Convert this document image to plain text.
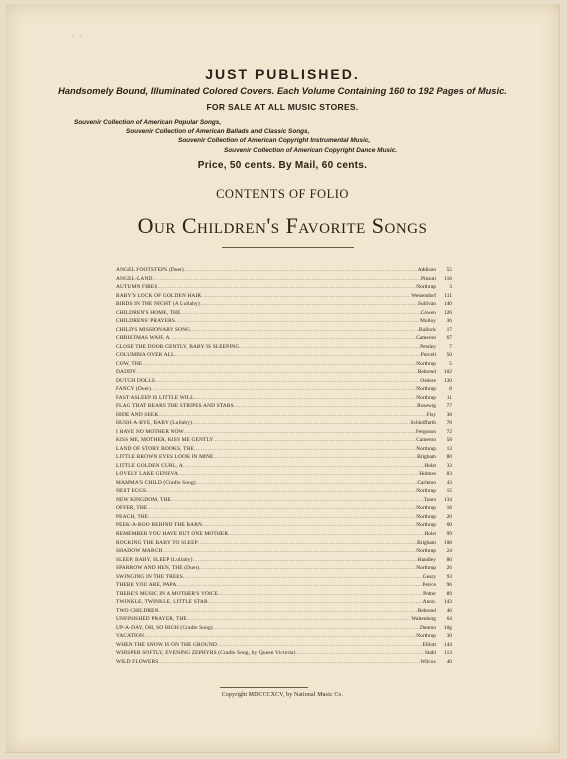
· ·
JUST PUBLISHED.
Handsomely Bound, Illuminated Colored Covers. Each Volume Containing 160 to 192 Pages of Music.
FOR SALE AT ALL MUSIC STORES.
Souvenir Collection of American Popular Songs,
Souvenir Collection of American Ballads and Classic Songs,
Souvenir Collection of American Copyright Instrumental Music,
Souvenir Collection of American Copyright Dance Music.
Price, 50 cents. By Mail, 60 cents.
CONTENTS OF FOLIO
Our Children's Favorite Songs
ANGEL FOOTSTEPS (Duet) .....	Addison	55
ANGEL-LAND .....	Pinsuti	118
AUTUMN FIRES .....	Northrup	3
BABY'S LOCK OF GOLDEN HAIR .....	Westendorf	111
BIRDS IN THE NIGHT (A Lullaby) .....	Sullivan	140
CHILDREN'S HOME, THE .....	Cowen	126
CHILDRENS' PRAYERS .....	Molloy	36
CHILD'S MISSIONARY SONG .....	Bullock	17
CHRISTMAS WAIF, A .....	Cameron	67
CLOSE THE DOOR GENTLY, BABY IS SLEEPING .....	Persley	7
COLUMBIA OVER ALL .....	Purcell	50
COW, THE .....	Northrup	5
DADDY .....	Behrend	102
DUTCH DOLLS .....	Ostlere	130
FANCY (Duet) .....	Northrup	8
FAST ASLEEP IS LITTLE WILL .....	Northrup	11
FLAG THAT BEARS THE STRIPES AND STARS .....	Rosewig	77
HIDE AND SEEK .....	Fisy	38
HUSH-A-BYE, BABY (Lullaby) .....	Schleiffarth	70
I HAVE NO MOTHER NOW .....	Ferguson	72
KISS ME, MOTHER, KISS ME GENTLY .....	Cameron	58
LAND OF STORY BOOKS, THE .....	Northrup	13
LITTLE BROWN EYES LOOK IN MINE .....	Brigham	80
LITTLE GOLDEN CURL, A .....	Holst	33
LOVELY LAKE GENEVA .....	Holmes	83
MAMMA'S CHILD (Cradle Song) .....	Carleton	43
NEST EGGS .....	Northrup	15
NEW KINGDOM, THE .....	Tours	134
OFFER, THE .....	Northrup	18
PEACH, THE .....	Northrup	20
PEEK-A-BOO BEHIND THE BARN .....	Northrup	60
REMEMBER YOU HAVE BUT ONE MOTHER .....	Holst	99
ROCKING THE BABY TO SLEEP .....	Brigham	108
SHADOW MARCH .....	Northrup	24
SLEEP, BABY, SLEEP (Lullaby) .....	Handley	86
SPARROW AND HEN, THE (Duet) .....	Northrup	26
SWINGING IN THE TREES .....	Geary	93
THERE YOU ARE, PAPA .....	Peirce	96
THERE'S MUSIC IN A MOTHER'S VOICE .....	Potter	89
TWINKLE, TWINKLE, LITTLE STAR .....	Anon.	143
TWO CHILDREN .....	Behrend	46
UNFINISHED PRAYER, THE .....	Waltenberg	64
UP-A-DAY, OH, SO HIGH (Cradle Song) .....	Denton	10g
VACATION .....	Northrup	30
WHEN THE SNOW IS ON THE GROUND .....	Elliott	144
WHISPER SOFTLY, EVENING ZEPHYRS (Cradle Song, by Queen Victoria) .....	Stahl	113
WILD FLOWERS .....	Wilcox	40
Copyright MDCCCXCV, by National Music Co.
